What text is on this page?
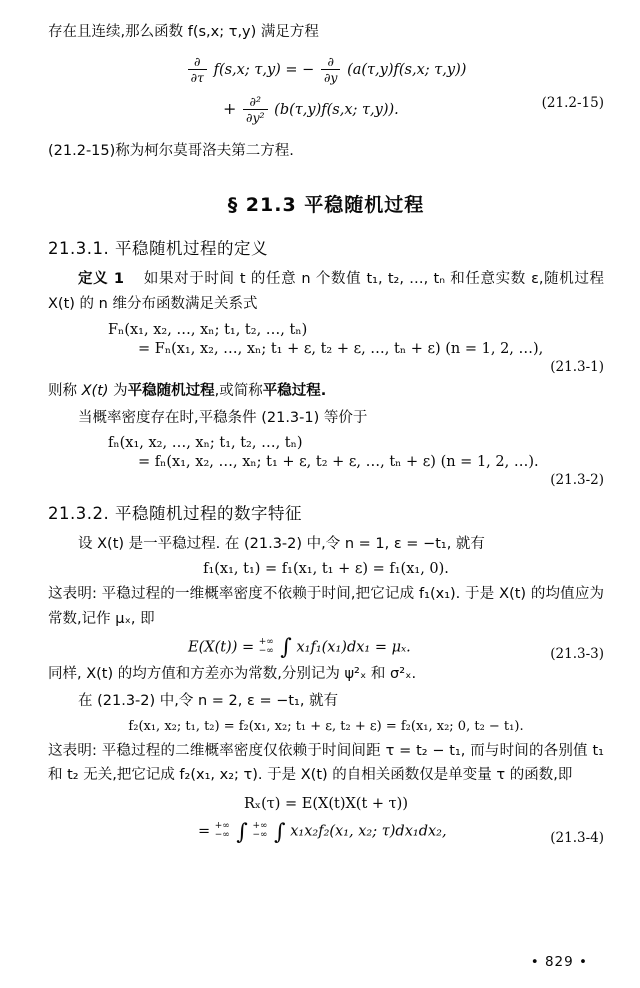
存在且连续,那么函数 f(s,x; τ,y) 满足方程
$\frac{\partial}{\partial\tau} f(s,x$; τ,y) = − $\frac{\partial}{\partial y} (a(\tau,y)f(s,x$; τ,y))
+ $\frac{\text{∂²}}{\text{∂y²}} (b(\tau,y)f(s,x$; τ,y)).	(21.2-15)
(21.2-15)称为柯尔莫哥洛夫第二方程.
§ 21.3 平稳随机过程
21.3.1. 平稳随机过程的定义
定义 1 如果对于时间 t 的任意 n 个数值 t₁, t₂, …, tₙ 和任意实数 ε,随机过程 X(t) 的 n 维分布函数满足关系式
Fₙ(x₁, x₂, …, xₙ; t₁, t₂, …, tₙ)
= Fₙ(x₁, x₂, …, xₙ; t₁ + ε, t₂ + ε, …, tₙ + ε) (n = 1, 2, …),
(21.3-1)
则称 X(t) 为平稳随机过程,或简称平稳过程.
当概率密度存在时,平稳条件 (21.3-1) 等价于
fₙ(x₁, x₂, …, xₙ; t₁, t₂, …, tₙ)
= fₙ(x₁, x₂, …, xₙ; t₁ + ε, t₂ + ε, …, tₙ + ε) (n = 1, 2, …).
(21.3-2)
21.3.2. 平稳随机过程的数字特征
设 X(t) 是一平稳过程. 在 (21.3-2) 中,令 n = 1, ε = −t₁, 就有
f₁(x₁, t₁) = f₁(x₁, t₁ + ε) = f₁(x₁, 0).
这表明: 平稳过程的一维概率密度不依赖于时间,把它记成 f₁(x₁). 于是 X(t) 的均值应为常数,记作 μₓ, 即
E(X(t)) = +∞
−∞ ∫ x₁f₁(x₁)dx₁ = μₓ.	(21.3-3)
同样, X(t) 的均方值和方差亦为常数,分别记为 ψ²ₓ 和 σ²ₓ.
在 (21.3-2) 中,令 n = 2, ε = −t₁, 就有
f₂(x₁, x₂; t₁, t₂) = f₂(x₁, x₂; t₁ + ε, t₂ + ε) = f₂(x₁, x₂; 0, t₂ − t₁).
这表明: 平稳过程的二维概率密度仅依赖于时间间距 τ = t₂ − t₁, 而与时间的各别值 t₁ 和 t₂ 无关,把它记成 f₂(x₁, x₂; τ). 于是 X(t) 的自相关函数仅是单变量 τ 的函数,即
Rₓ(τ) = E(X(t)X(t + τ))
= +∞
−∞ ∫ +∞
−∞ ∫ x₁x₂f₂(x₁, x₂; τ)dx₁dx₂,	(21.3-4)
• 829 •
